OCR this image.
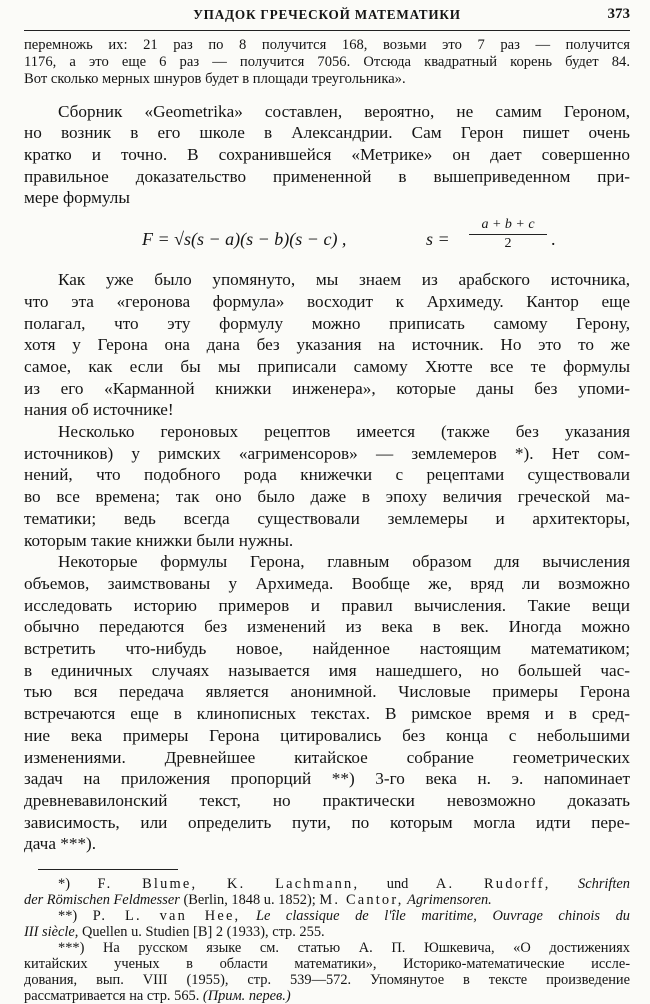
УПАДОК ГРЕЧЕСКОЙ МАТЕМАТИКИ	373

перемножь их: 21 раз по 8 получится 168, возьми это 7 раз — получится
1176, а это еще 6 раз — получится 7056. Отсюда квадратный корень будет 84.
Вот сколько мерных шнуров будет в площади треугольника».

Сборник «Geometrika» составлен, вероятно, не самим Героном,
но возник в его школе в Александрии. Сам Герон пишет очень
кратко и точно. В сохранившейся «Метрике» он дает совершенно
правильное доказательство примененной в вышеприведенном при-
мере формулы

F = √s(s − a)(s − b)(s − c) ,	$s = \frac{a + b + c}{2}$ .

Как уже было упомянуто, мы знаем из арабского источника,
что эта «геронова формула» восходит к Архимеду. Кантор еще
полагал, что эту формулу можно приписать самому Герону,
хотя у Герона она дана без указания на источник. Но это то же
самое, как если бы мы приписали самому Хютте все те формулы
из его «Карманной книжки инженера», которые даны без упоми-
нания об источнике!

Несколько героновых рецептов имеется (также без указания
источников) у римских «агрименсоров» — землемеров *). Нет сом-
нений, что подобного рода книжечки с рецептами существовали
во все времена; так оно было даже в эпоху величия греческой ма-
тематики; ведь всегда существовали землемеры и архитекторы,
которым такие книжки были нужны.

Некоторые формулы Герона, главным образом для вычисления
объемов, заимствованы у Архимеда. Вообще же, вряд ли возможно
исследовать историю примеров и правил вычисления. Такие вещи
обычно передаются без изменений из века в век. Иногда можно
встретить что-нибудь новое, найденное настоящим математиком;
в единичных случаях называется имя нашедшего, но большей час-
тью вся передача является анонимной. Числовые примеры Герона
встречаются еще в клинописных текстах. В римское время и в сред-
ние века примеры Герона цитировались без конца с небольшими
изменениями. Древнейшее китайское собрание геометрических
задач на приложения пропорций **) 3-го века н. э. напоминает
древневавилонский текст, но практически невозможно доказать
зависимость, или определить пути, по которым могла идти пере-
дача ***).

*) F. Blume, K. Lachmann, und A. Rudorff, Schriften
der Römischen Feldmesser (Berlin, 1848 u. 1852); M. Cantor, Agrimensoren.

**) P. L. van Hee, Le classique de l'île maritime, Ouvrage chinois du
III siècle, Quellen u. Studien [B] 2 (1933), стр. 255.

***) На русском языке см. статью А. П. Юшкевича, «О достижениях
китайских ученых в области математики», Историко-математические иссле-
дования, вып. VIII (1955), стр. 539—572. Упомянутое в тексте произведение
рассматривается на стр. 565. (Прим. перев.)
